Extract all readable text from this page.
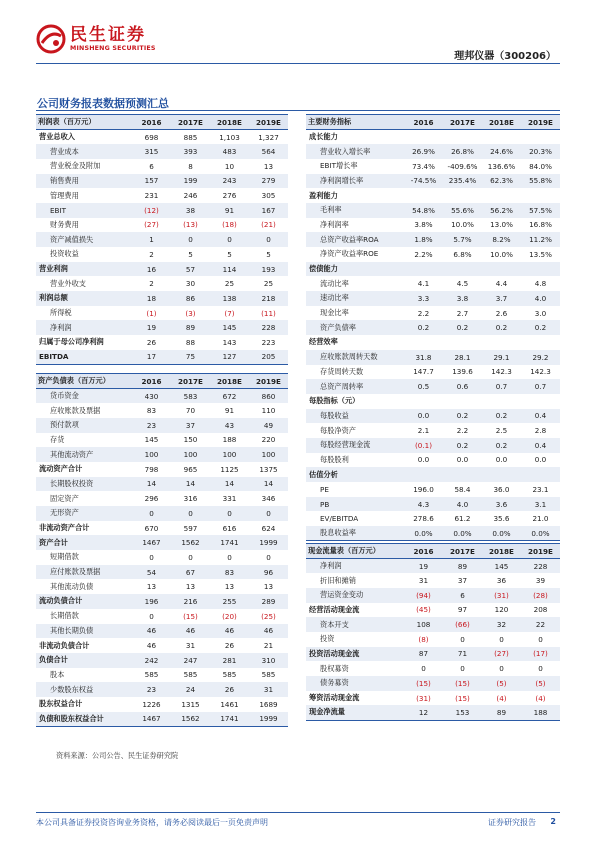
民生证券
MINSHENG SECURITIES
理邦仪器（300206）
公司财务报表数据预测汇总
利润表（百万元）	2016	2017E	2018E	2019E
营业总收入	698	885	1,103	1,327
营业成本	315	393	483	564
营业税金及附加	6	8	10	13
销售费用	157	199	243	279
管理费用	231	246	276	305
EBIT	(12)	38	91	167
财务费用	(27)	(13)	(18)	(21)
资产减值损失	1	0	0	0
投资收益	2	5	5	5
营业利润	16	57	114	193
营业外收支	2	30	25	25
利润总额	18	86	138	218
所得税	(1)	(3)	(7)	(11)
净利润	19	89	145	228
归属于母公司净利润	26	88	143	223
EBITDA	17	75	127	205
资产负债表（百万元）	2016	2017E	2018E	2019E
货币资金	430	583	672	860
应收账款及票据	83	70	91	110
预付款项	23	37	43	49
存货	145	150	188	220
其他流动资产	100	100	100	100
流动资产合计	798	965	1125	1375
长期股权投资	14	14	14	14
固定资产	296	316	331	346
无形资产	0	0	0	0
非流动资产合计	670	597	616	624
资产合计	1467	1562	1741	1999
短期借款	0	0	0	0
应付账款及票据	54	67	83	96
其他流动负债	13	13	13	13
流动负债合计	196	216	255	289
长期借款	0	(15)	(20)	(25)
其他长期负债	46	46	46	46
非流动负债合计	46	31	26	21
负债合计	242	247	281	310
股本	585	585	585	585
少数股东权益	23	24	26	31
股东权益合计	1226	1315	1461	1689
负债和股东权益合计	1467	1562	1741	1999
主要财务指标	2016	2017E	2018E	2019E
成长能力				
营业收入增长率	26.9%	26.8%	24.6%	20.3%
EBIT增长率	73.4%	-409.6%	136.6%	84.0%
净利润增长率	-74.5%	235.4%	62.3%	55.8%
盈利能力				
毛利率	54.8%	55.6%	56.2%	57.5%
净利润率	3.8%	10.0%	13.0%	16.8%
总资产收益率ROA	1.8%	5.7%	8.2%	11.2%
净资产收益率ROE	2.2%	6.8%	10.0%	13.5%
偿债能力				
流动比率	4.1	4.5	4.4	4.8
速动比率	3.3	3.8	3.7	4.0
现金比率	2.2	2.7	2.6	3.0
资产负债率	0.2	0.2	0.2	0.2
经营效率				
应收账款周转天数	31.8	28.1	29.1	29.2
存货周转天数	147.7	139.6	142.3	142.3
总资产周转率	0.5	0.6	0.7	0.7
每股指标（元）				
每股收益	0.0	0.2	0.2	0.4
每股净资产	2.1	2.2	2.5	2.8
每股经营现金流	(0.1)	0.2	0.2	0.4
每股股利	0.0	0.0	0.0	0.0
估值分析				
PE	196.0	58.4	36.0	23.1
PB	4.3	4.0	3.6	3.1
EV/EBITDA	278.6	61.2	35.6	21.0
股息收益率	0.0%	0.0%	0.0%	0.0%
现金流量表（百万元）	2016	2017E	2018E	2019E
净利润	19	89	145	228
折旧和摊销	31	37	36	39
营运资金变动	(94)	6	(31)	(28)
经营活动现金流	(45)	97	120	208
资本开支	108	(66)	32	22
投资	(8)	0	0	0
投资活动现金流	87	71	(27)	(17)
股权募资	0	0	0	0
债务募资	(15)	(15)	(5)	(5)
筹资活动现金流	(31)	(15)	(4)	(4)
现金净流量	12	153	89	188
资料来源：公司公告、民生证券研究院
本公司具备证券投资咨询业务资格，请务必阅读最后一页免责声明	证券研究报告 2
